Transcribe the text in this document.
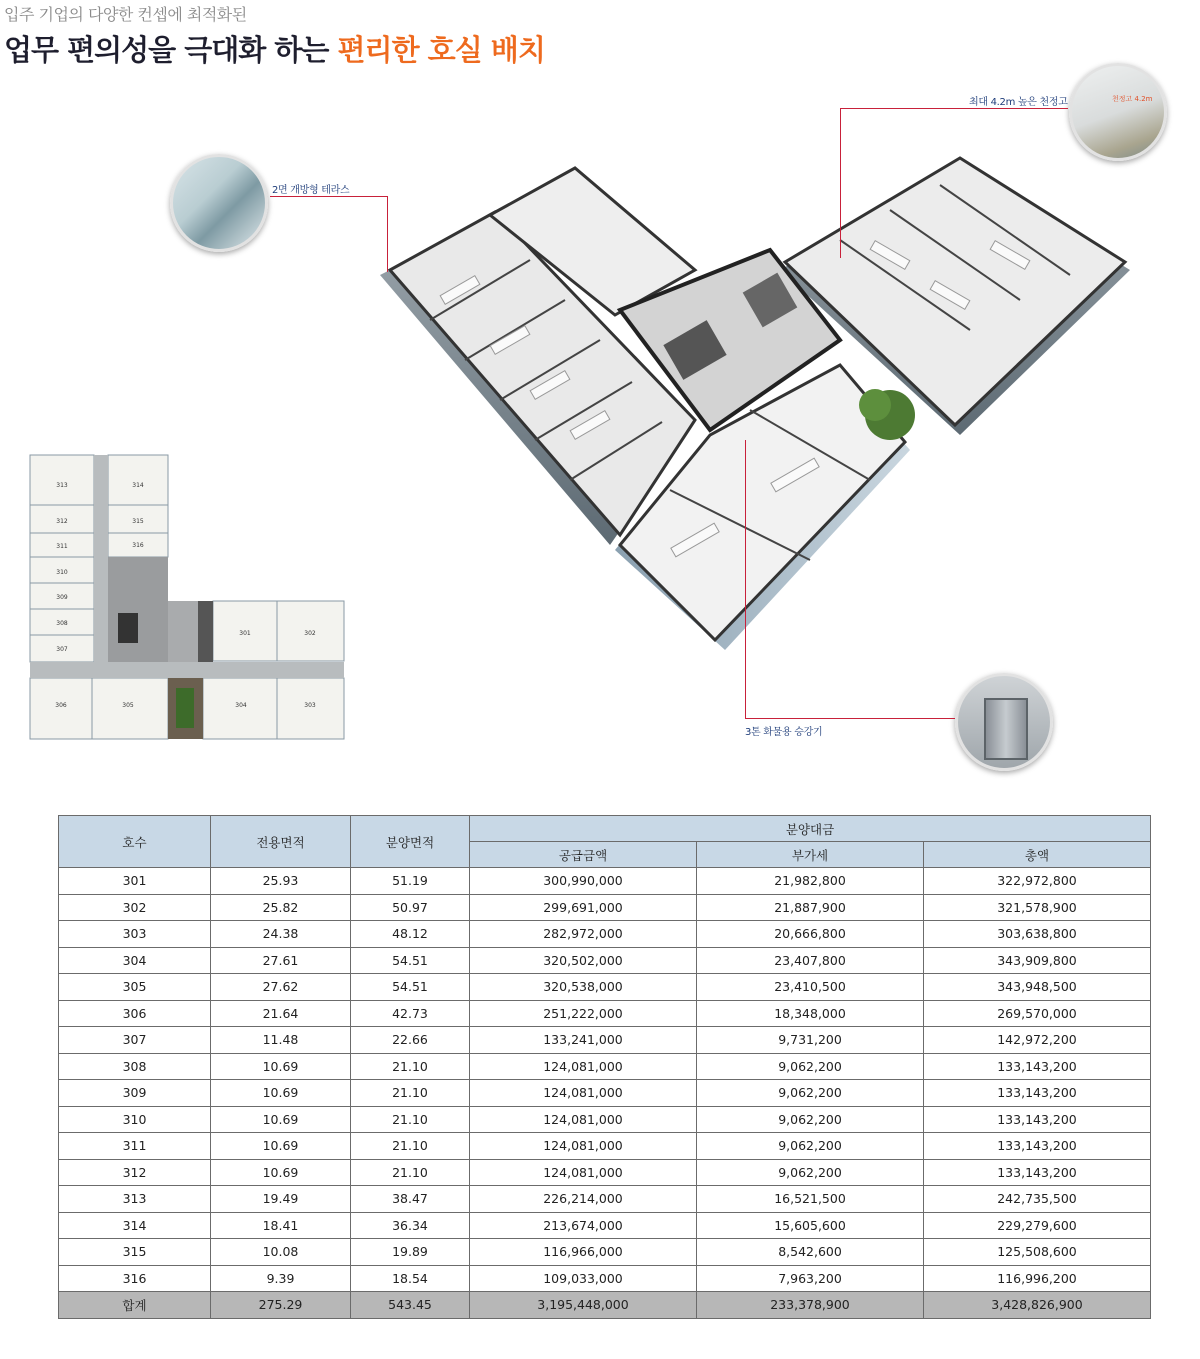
입주 기업의 다양한 컨셉에 최적화된
업무 편의성을 극대화 하는 편리한 호실 배치
2면 개방형 테라스
천정고 4.2m
최대 4.2m 높은 천정고
3톤 화물용 승강기
313	314
312	315
311	316
310
309
308
307
301	302
306	305	304	303
호수	전용면적	분양면적	분양대금		
			공급금액	부가세	총액
301	25.93	51.19	300,990,000	21,982,800	322,972,800
302	25.82	50.97	299,691,000	21,887,900	321,578,900
303	24.38	48.12	282,972,000	20,666,800	303,638,800
304	27.61	54.51	320,502,000	23,407,800	343,909,800
305	27.62	54.51	320,538,000	23,410,500	343,948,500
306	21.64	42.73	251,222,000	18,348,000	269,570,000
307	11.48	22.66	133,241,000	9,731,200	142,972,200
308	10.69	21.10	124,081,000	9,062,200	133,143,200
309	10.69	21.10	124,081,000	9,062,200	133,143,200
310	10.69	21.10	124,081,000	9,062,200	133,143,200
311	10.69	21.10	124,081,000	9,062,200	133,143,200
312	10.69	21.10	124,081,000	9,062,200	133,143,200
313	19.49	38.47	226,214,000	16,521,500	242,735,500
314	18.41	36.34	213,674,000	15,605,600	229,279,600
315	10.08	19.89	116,966,000	8,542,600	125,508,600
316	9.39	18.54	109,033,000	7,963,200	116,996,200
합계	275.29	543.45	3,195,448,000	233,378,900	3,428,826,900
